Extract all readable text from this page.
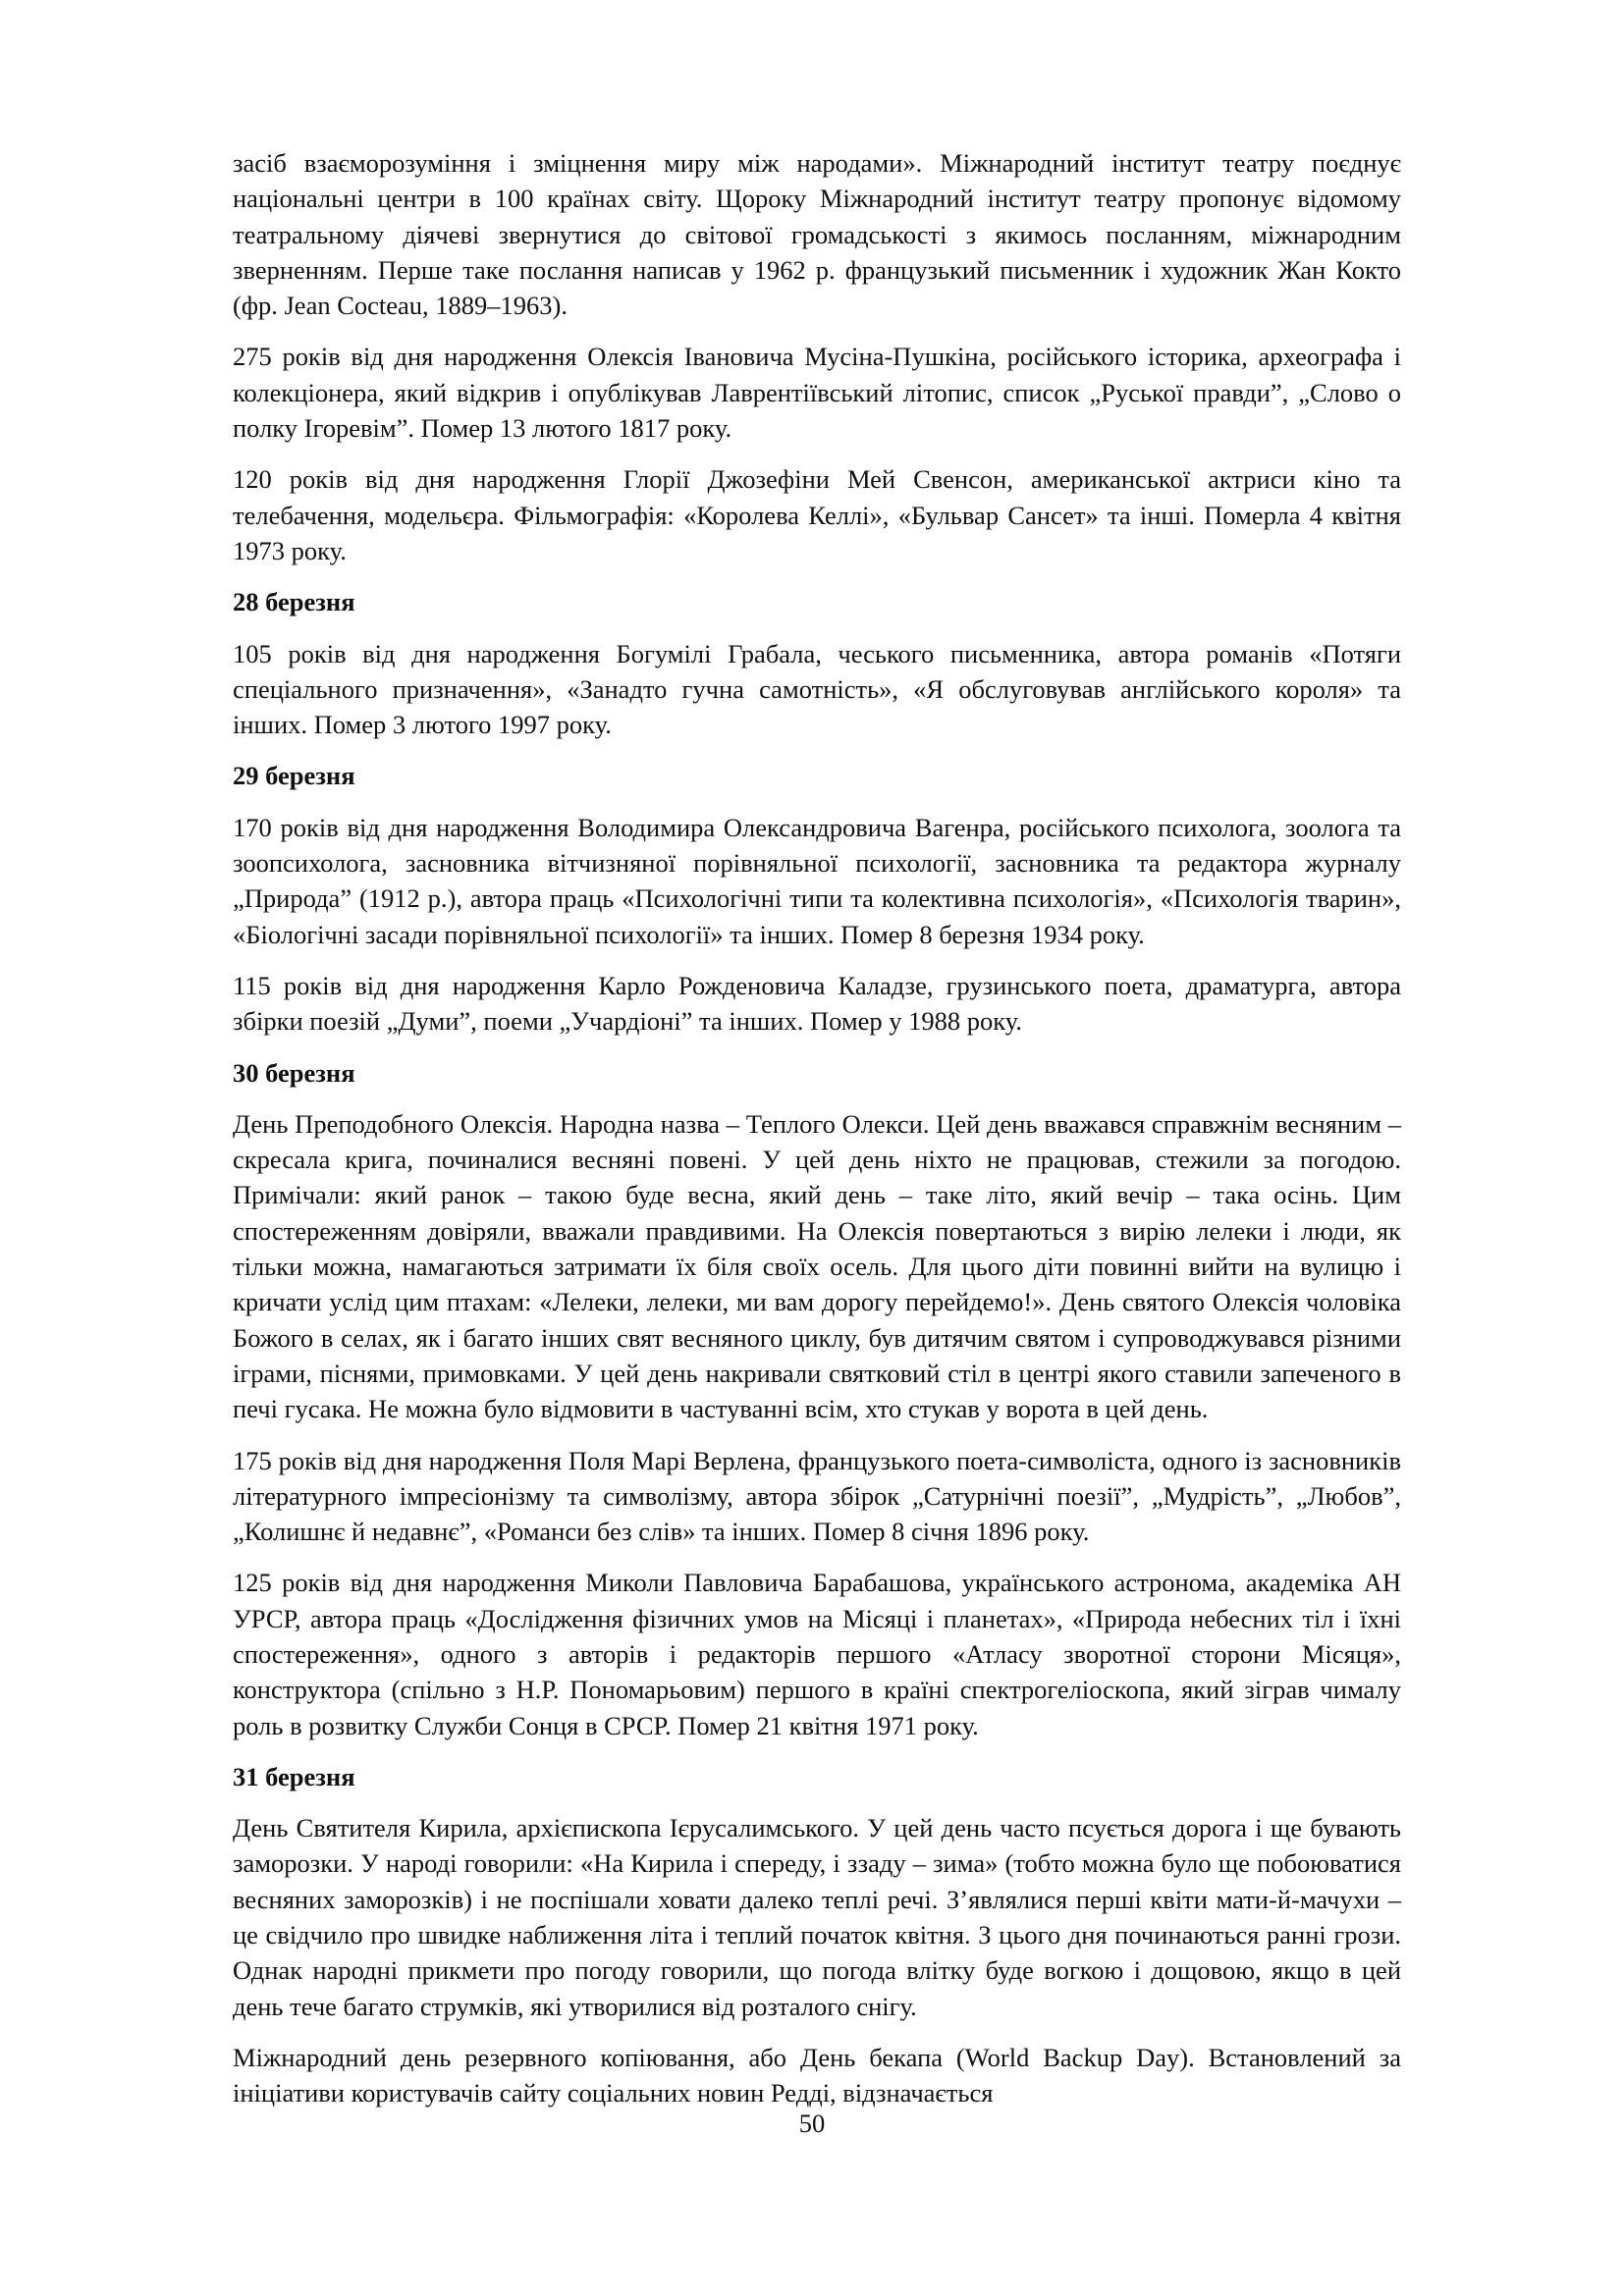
засіб взаєморозуміння і зміцнення миру між народами». Міжнародний інститут театру поєднує національні центри в 100 країнах світу. Щороку Міжнародний інститут театру пропонує відомому театральному діячеві звернутися до світової громадськості з якимось посланням, міжнародним зверненням. Перше таке послання написав у 1962 р. французький письменник і художник Жан Кокто (фр. Jean Cocteau, 1889–1963).

275 років від дня народження Олексія Івановича Мусіна-Пушкіна, російського історика, археографа і колекціонера, який відкрив і опублікував Лаврентіївський літопис, список „Руської правди”, „Слово о полку Ігоревім”. Помер 13 лютого 1817 року.

120 років від дня народження Глорії Джозефіни Мей Свенсон, американської актриси кіно та телебачення, модельєра. Фільмографія: «Королева Келлі», «Бульвар Сансет» та інші. Померла 4 квітня 1973 року.

28 березня

105 років від дня народження Богумілі Грабала, чеського письменника, автора романів «Потяги спеціального призначення», «Занадто гучна самотність», «Я обслуговував англійського короля» та інших. Помер 3 лютого 1997 року.

29 березня

170 років від дня народження Володимира Олександровича Вагенра, російського психолога, зоолога та зоопсихолога, засновника вітчизняної порівняльної психології, засновника та редактора журналу „Природа” (1912 р.), автора праць «Психологічні типи та колективна психологія», «Психологія тварин», «Біологічні засади порівняльної психології» та інших. Помер 8 березня 1934 року.

115 років від дня народження Карло Рожденовича Каладзе, грузинського поета, драматурга, автора збірки поезій „Думи”, поеми „Учардіоні” та інших. Помер у 1988 року.

30 березня

День Преподобного Олексія. Народна назва – Теплого Олекси. Цей день вважався справжнім весняним – скресала крига, починалися весняні повені. У цей день ніхто не працював, стежили за погодою. Примічали: який ранок – такою буде весна, який день – таке літо, який вечір – така осінь. Цим спостереженням довіряли, вважали правдивими. На Олексія повертаються з вирію лелеки і люди, як тільки можна, намагаються затримати їх біля своїх осель. Для цього діти повинні вийти на вулицю і кричати услід цим птахам: «Лелеки, лелеки, ми вам дорогу перейдемо!». День святого Олексія чоловіка Божого в селах, як і багато інших свят весняного циклу, був дитячим святом і супроводжувався різними іграми, піснями, примовками. У цей день накривали святковий стіл в центрі якого ставили запеченого в печі гусака. Не можна було відмовити в частуванні всім, хто стукав у ворота в цей день.

175 років від дня народження Поля Марі Верлена, французького поета-символіста, одного із засновників літературного імпресіонізму та символізму, автора збірок „Сатурнічні поезії”, „Мудрість”, „Любов”, „Колишнє й недавнє”, «Романси без слів» та інших. Помер 8 січня 1896 року.

125 років від дня народження Миколи Павловича Барабашова, українського астронома, академіка АН УРСР, автора праць «Дослідження фізичних умов на Місяці і планетах», «Природа небесних тіл і їхні спостереження», одного з авторів і редакторів першого «Атласу зворотної сторони Місяця», конструктора (спільно з Н.Р. Пономарьовим) першого в країні спектрогеліоскопа, який зіграв чималу роль в розвитку Служби Сонця в СРСР. Помер 21 квітня 1971 року.

31 березня

День Святителя Кирила, архієпископа Ієрусалимського. У цей день часто псується дорога і ще бувають заморозки. У народі говорили: «На Кирила і спереду, і ззаду – зима» (тобто можна було ще побоюватися весняних заморозків) і не поспішали ховати далеко теплі речі. З’являлися перші квіти мати-й-мачухи – це свідчило про швидке наближення літа і теплий початок квітня. З цього дня починаються ранні грози. Однак народні прикмети про погоду говорили, що погода влітку буде вогкою і дощовою, якщо в цей день тече багато струмків, які утворилися від розталого снігу.

Міжнародний день резервного копіювання, або День бекапа (World Backup Day). Встановлений за ініціативи користувачів сайту соціальних новин Редді, відзначається

50
